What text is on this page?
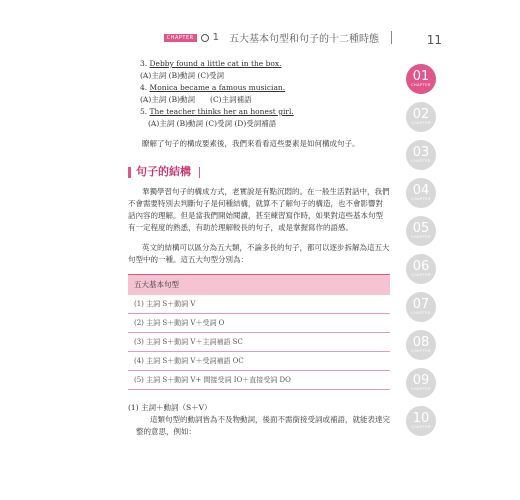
CHAPTER	1 五大基本句型和句子的十二種時態	11
01
CHAPTER
02
CHAPTER
03
CHAPTER
04
CHAPTER
05
CHAPTER
06
CHAPTER
07
CHAPTER
08
CHAPTER
09
CHAPTER
10
CHAPTER
3. Debby found a little cat in the box.
(A)主詞 (B)動詞 (C)受詞
4. Monica became a famous musician.
(A)主詞 (B)動詞　　(C)主詞補語
5. The teacher thinks her an honest girl.
(A)主詞 (B)動詞 (C)受詞 (D)受詞補語

瞭解了句子的構成要素後，我們來看看這些要素是如何構成句子。

句子的結構

華獨學習句子的構成方式，老實說是有點沉悶的。在一般生活對話中，我們不會需要特別去判斷句子是何種結構，就算不了解句子的構造，也不會影響對話內容的理解。但是當我們開始閱讀，甚至練習寫作時，如果對這些基本句型有一定程度的熟悉，有助於理解較長的句子，或是掌握寫作的語感。

英文的結構可以區分為五大類，不論多長的句子，都可以逐步拆解為這五大句型中的一種。這五大句型分別為：

五大基本句型
(1) 主詞 S＋動詞 V
(2) 主詞 S＋動詞 V＋受詞 O
(3) 主詞 S＋動詞 V＋主詞補語 SC
(4) 主詞 S＋動詞 V＋受詞補語 OC
(5) 主詞 S＋動詞 V+ 間接受詞 IO＋直接受詞 DO
(1) 主詞＋動詞（S＋V）
這類句型的動詞皆為不及物動詞，後面不需銜接受詞或補語，就能表達完整的意思，例如：
